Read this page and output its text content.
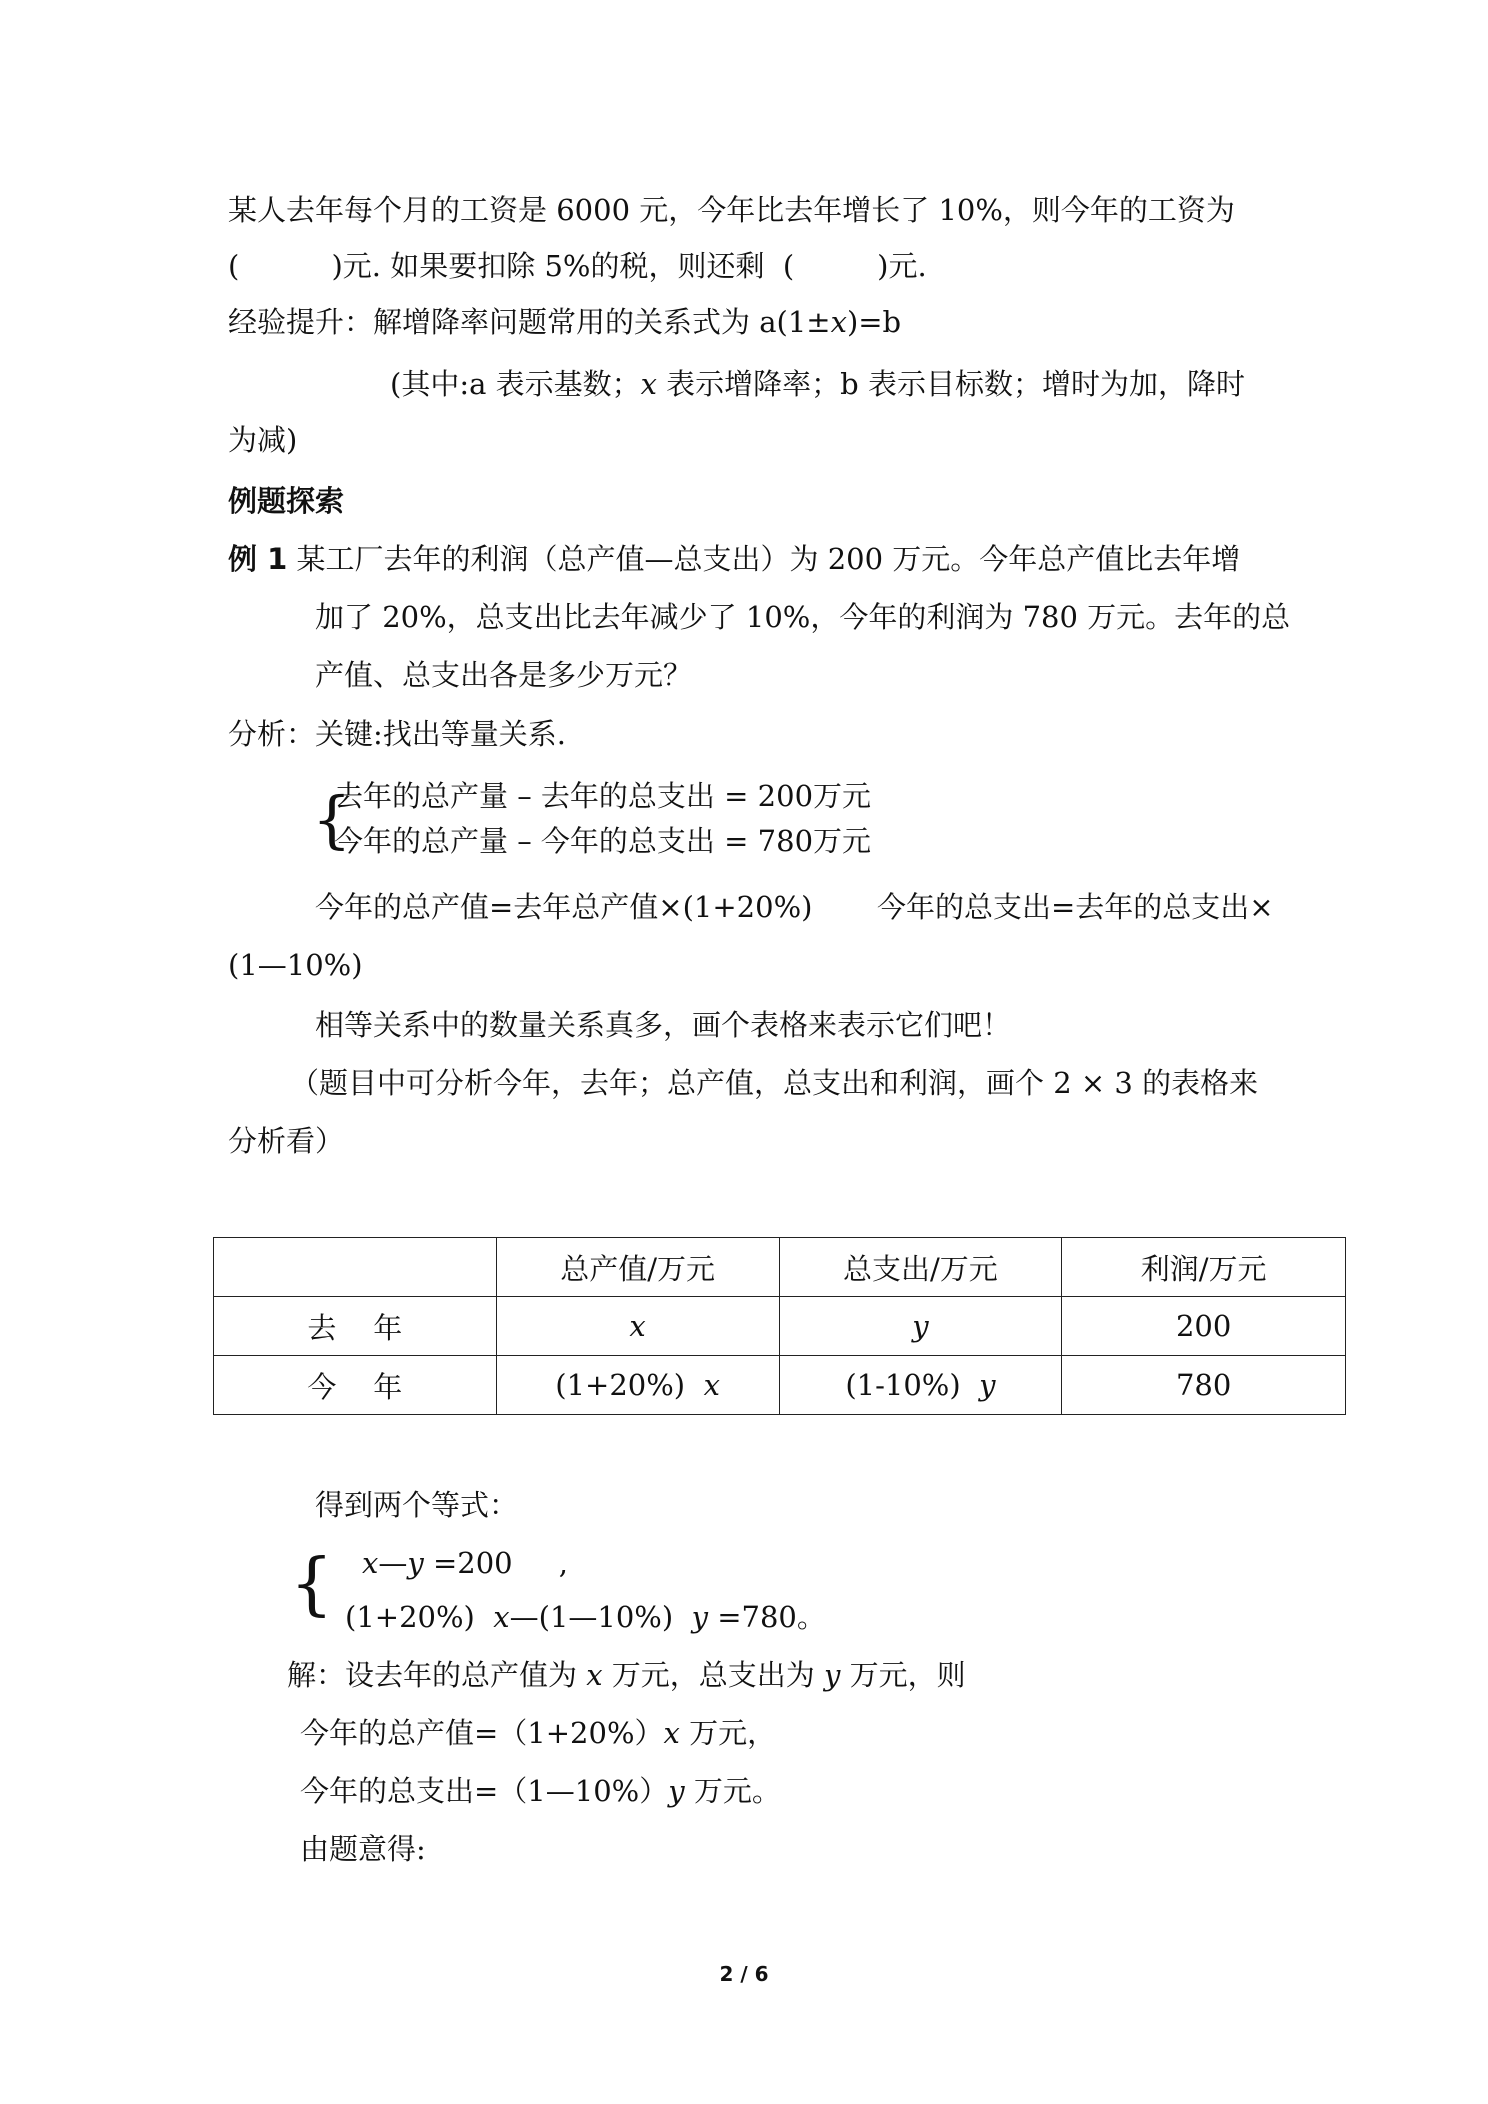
某人去年每个月的工资是 6000 元，今年比去年增长了 10%，则今年的工资为
(          )元. 如果要扣除 5%的税，则还剩  (         )元.
经验提升：解增降率问题常用的关系式为 a(1±x)=b
(其中:a 表示基数；x 表示增降率；b 表示目标数；增时为加，降时
为减)
例题探索
例 1 某工厂去年的利润（总产值—总支出）为 200 万元。今年总产值比去年增
加了 20%，总支出比去年减少了 10%，今年的利润为 780 万元。去年的总
产值、总支出各是多少万元？
分析：关键:找出等量关系.
{
去年的总产量 – 去年的总支出 = 200万元
今年的总产量 – 今年的总支出 = 780万元
今年的总产值=去年总产值×(1+20%)       今年的总支出=去年的总支出×
(1—10%)
相等关系中的数量关系真多，画个表格来表示它们吧！
（题目中可分析今年，去年；总产值，总支出和利润，画个 2 × 3 的表格来
分析看）
	总产值/万元	总支出/万元	利润/万元
去    年	x	y	200
今    年	(1+20%)  x	(1-10%)  y	780
得到两个等式：
{ x—y =200     ,
(1+20%)  x—(1—10%)  y =780。
解：设去年的总产值为 x 万元，总支出为 y 万元，则
今年的总产值=（1+20%）x 万元，
今年的总支出=（1—10%）y 万元。
由题意得:
2 / 6
